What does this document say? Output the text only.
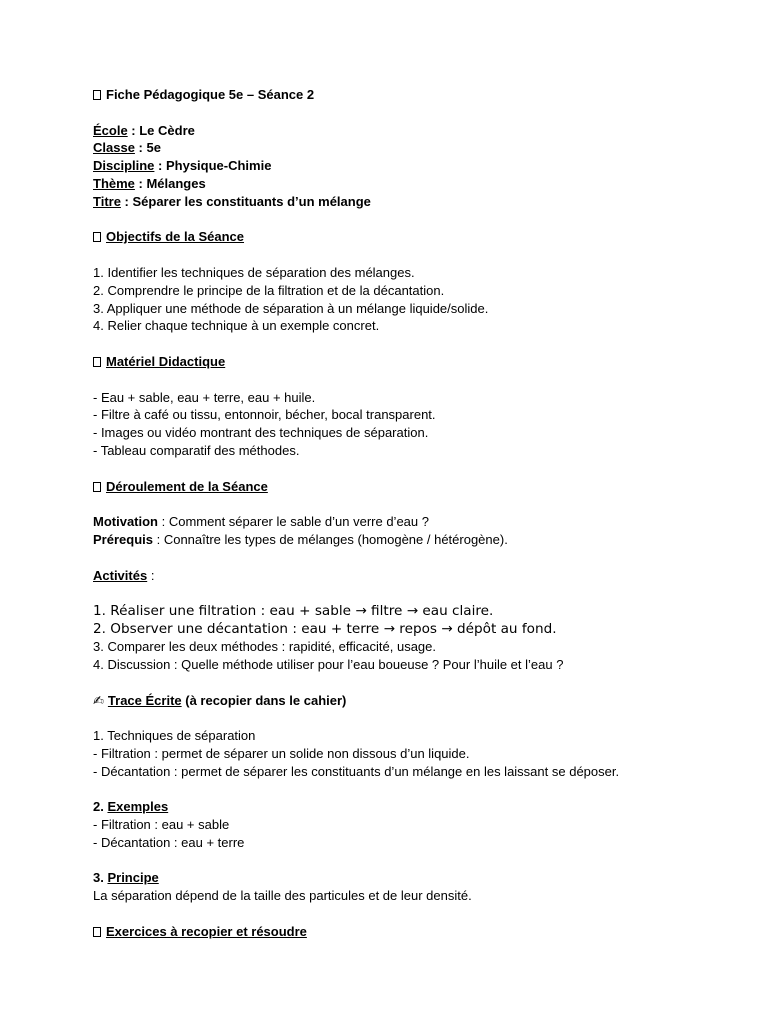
Fiche Pédagogique 5e – Séance 2
École : Le Cèdre
Classe : 5e
Discipline : Physique-Chimie
Thème : Mélanges
Titre : Séparer les constituants d’un mélange
Objectifs de la Séance
1. Identifier les techniques de séparation des mélanges.
2. Comprendre le principe de la filtration et de la décantation.
3. Appliquer une méthode de séparation à un mélange liquide/solide.
4. Relier chaque technique à un exemple concret.
Matériel Didactique
- Eau + sable, eau + terre, eau + huile.
- Filtre à café ou tissu, entonnoir, bécher, bocal transparent.
- Images ou vidéo montrant des techniques de séparation.
- Tableau comparatif des méthodes.
Déroulement de la Séance
Motivation : Comment séparer le sable d’un verre d’eau ?
Prérequis : Connaître les types de mélanges (homogène / hétérogène).
Activités :
1. Réaliser une filtration : eau + sable → filtre → eau claire.
2. Observer une décantation : eau + terre → repos → dépôt au fond.
3. Comparer les deux méthodes : rapidité, efficacité, usage.
4. Discussion : Quelle méthode utiliser pour l’eau boueuse ? Pour l’huile et l’eau ?
✍ Trace Écrite (à recopier dans le cahier)
1. Techniques de séparation
- Filtration : permet de séparer un solide non dissous d’un liquide.
- Décantation : permet de séparer les constituants d’un mélange en les laissant se déposer.
2. Exemples
- Filtration : eau + sable
- Décantation : eau + terre
3. Principe
La séparation dépend de la taille des particules et de leur densité.
Exercices à recopier et résoudre
